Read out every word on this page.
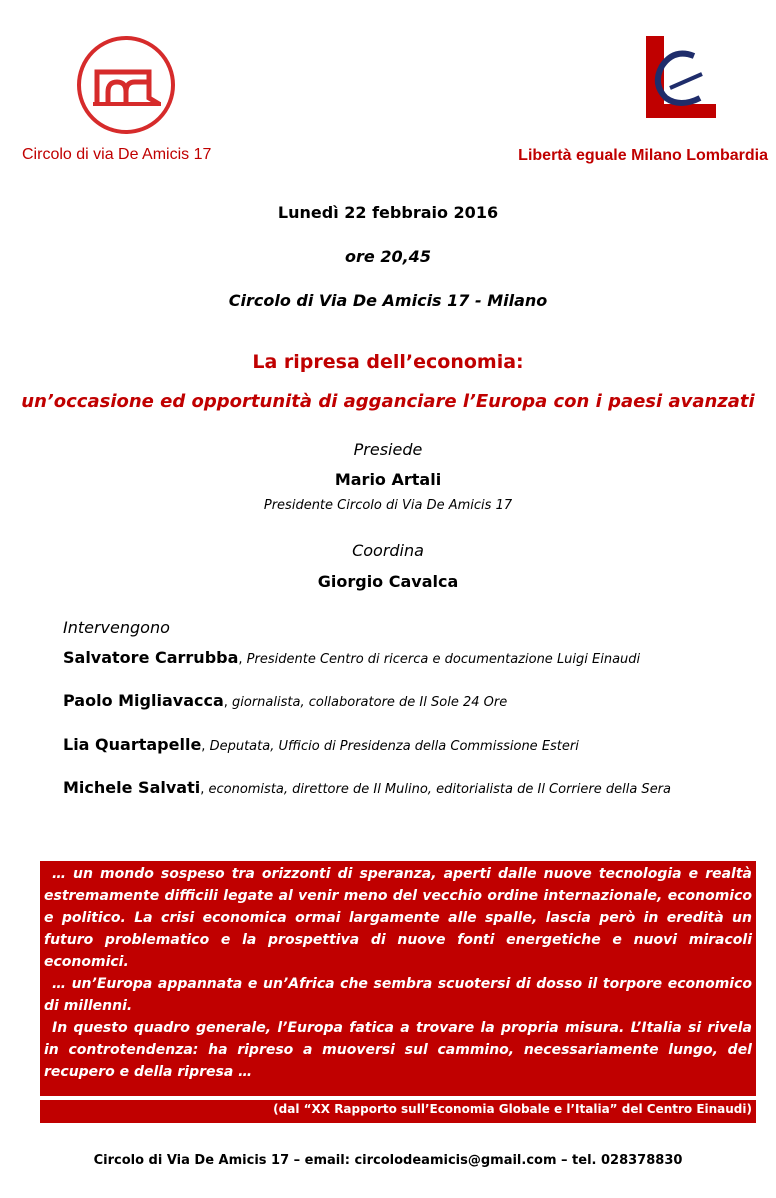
Circolo di via De Amicis 17	Libertà eguale Milano Lombardia
Lunedì 22 febbraio 2016
ore 20,45
Circolo di Via De Amicis 17 - Milano
La ripresa dell’economia:
un’occasione ed opportunità di agganciare l’Europa con i paesi avanzati
Presiede
Mario Artali
Presidente Circolo di Via De Amicis 17
Coordina
Giorgio Cavalca
Intervengono
Salvatore Carrubba, Presidente Centro di ricerca e documentazione Luigi Einaudi
Paolo Migliavacca, giornalista, collaboratore de Il Sole 24 Ore
Lia Quartapelle, Deputata, Ufficio di Presidenza della Commissione Esteri
Michele Salvati, economista, direttore de Il Mulino, editorialista de Il Corriere della Sera

… un mondo sospeso tra orizzonti di speranza, aperti dalle nuove tecnologia e realtà estremamente difficili legate al venir meno del vecchio ordine internazionale, economico e politico. La crisi economica ormai largamente alle spalle, lascia però in eredità un futuro problematico e la prospettiva di nuove fonti energetiche e nuovi miracoli economici.

… un’Europa appannata e un’Africa che sembra scuotersi di dosso il torpore economico di millenni.

In questo quadro generale, l’Europa fatica a trovare la propria misura. L’Italia si rivela in controtendenza: ha ripreso a muoversi sul cammino, necessariamente lungo, del recupero e della ripresa …

(dal “XX Rapporto sull’Economia Globale e l’Italia” del Centro Einaudi)
Circolo di Via De Amicis 17 – email: circolodeamicis@gmail.com – tel. 028378830
